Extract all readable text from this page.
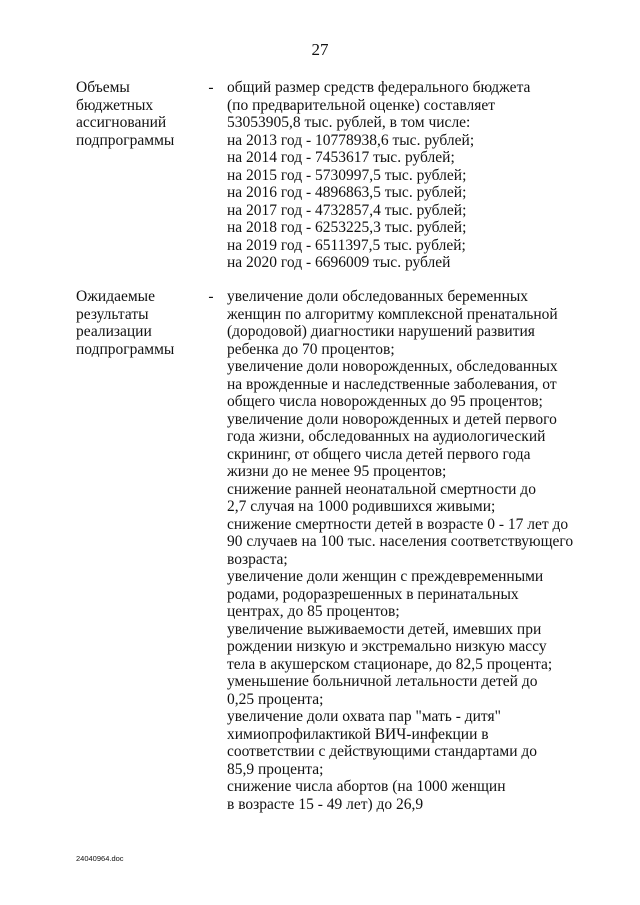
27
Объемы
бюджетных
ассигнований
подпрограммы
- общий размер средств федерального бюджета
(по предварительной оценке) составляет
53053905,8 тыс. рублей, в том числе:
на 2013 год - 10778938,6 тыс. рублей;
на 2014 год - 7453617 тыс. рублей;
на 2015 год - 5730997,5 тыс. рублей;
на 2016 год - 4896863,5 тыс. рублей;
на 2017 год - 4732857,4 тыс. рублей;
на 2018 год - 6253225,3 тыс. рублей;
на 2019 год - 6511397,5 тыс. рублей;
на 2020 год - 6696009 тыс. рублей
Ожидаемые
результаты
реализации
подпрограммы
- увеличение доли обследованных беременных
женщин по алгоритму комплексной пренатальной
(дородовой) диагностики нарушений развития
ребенка до 70 процентов;
увеличение доли новорожденных, обследованных
на врожденные и наследственные заболевания, от
общего числа новорожденных до 95 процентов;
увеличение доли новорожденных и детей первого
года жизни, обследованных на аудиологический
скрининг, от общего числа детей первого года
жизни до не менее 95 процентов;
снижение ранней неонатальной смертности до
2,7 случая на 1000 родившихся живыми;
снижение смертности детей в возрасте 0 - 17 лет до
90 случаев на 100 тыс. населения соответствующего
возраста;
увеличение доли женщин с преждевременными
родами, родоразрешенных в перинатальных
центрах, до 85 процентов;
увеличение выживаемости детей, имевших при
рождении низкую и экстремально низкую массу
тела в акушерском стационаре, до 82,5 процента;
уменьшение больничной летальности детей до
0,25 процента;
увеличение доли охвата пар "мать - дитя"
химиопрофилактикой ВИЧ-инфекции в
соответствии с действующими стандартами до
85,9 процента;
снижение числа абортов (на 1000 женщин
в возрасте 15 - 49 лет) до 26,9
24040964.doc
